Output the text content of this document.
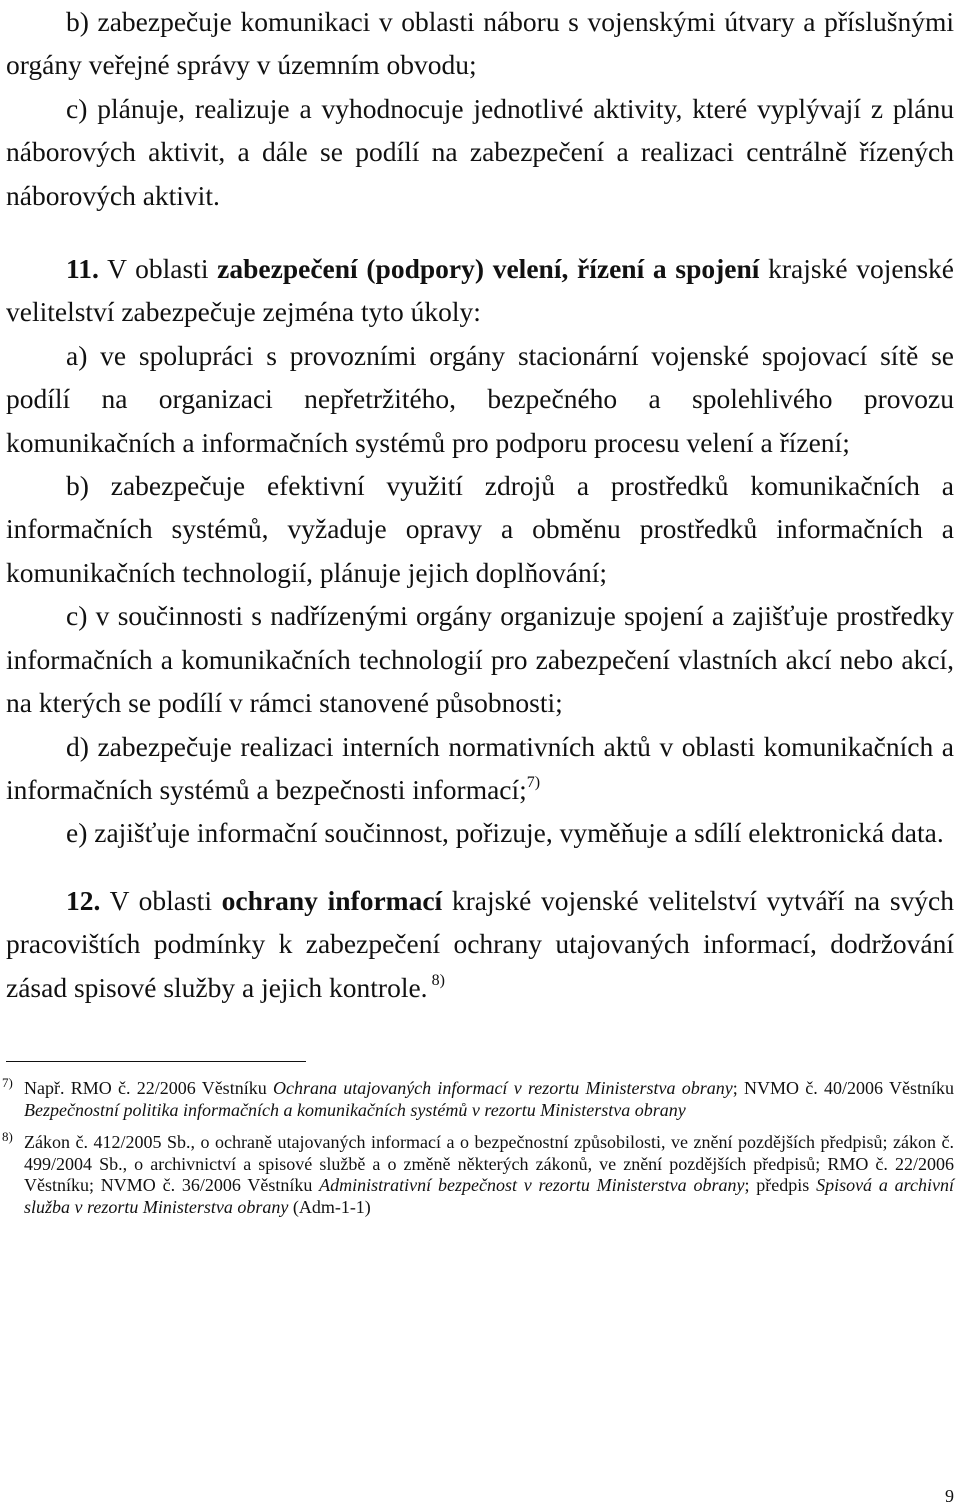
b) zabezpečuje komunikaci v oblasti náboru s vojenskými útvary a příslušnými orgány veřejné správy v územním obvodu;

c) plánuje, realizuje a vyhodnocuje jednotlivé aktivity, které vyplývají z plánu náborových aktivit, a dále se podílí na zabezpečení a realizaci centrálně řízených náborových aktivit.

11. V oblasti zabezpečení (podpory) velení, řízení a spojení krajské vojenské velitelství zabezpečuje zejména tyto úkoly:

a) ve spolupráci s provozními orgány stacionární vojenské spojovací sítě se podílí na organizaci nepřetržitého, bezpečného a spolehlivého provozu komunikačních a informačních systémů pro podporu procesu velení a řízení;

b) zabezpečuje efektivní využití zdrojů a prostředků komunikačních a informačních systémů, vyžaduje opravy a obměnu prostředků informačních a komunikačních technologií, plánuje jejich doplňování;

c) v součinnosti s nadřízenými orgány organizuje spojení a zajišťuje prostředky informačních a komunikačních technologií pro zabezpečení vlastních akcí nebo akcí, na kterých se podílí v rámci stanovené působnosti;

d) zabezpečuje realizaci interních normativních aktů v oblasti komunikačních a informačních systémů a bezpečnosti informací;$^{7)}$

e) zajišťuje informační součinnost, pořizuje, vyměňuje a sdílí elektronická data.

12. V oblasti ochrany informací krajské vojenské velitelství vytváří na svých pracovištích podmínky k zabezpečení ochrany utajovaných informací, dodržování zásad spisové služby a jejich kontrole. $^{8)}$

7) Např. RMO č. 22/2006 Věstníku Ochrana utajovaných informací v rezortu Ministerstva obrany; NVMO č. 40/2006 Věstníku Bezpečnostní politika informačních a komunikačních systémů v rezortu Ministerstva obrany

8) Zákon č. 412/2005 Sb., o ochraně utajovaných informací a o bezpečnostní způsobilosti, ve znění pozdějších předpisů; zákon č. 499/2004 Sb., o archivnictví a spisové službě a o změně některých zákonů, ve znění pozdějších předpisů; RMO č. 22/2006 Věstníku; NVMO č. 36/2006 Věstníku Administrativní bezpečnost v rezortu Ministerstva obrany; předpis Spisová a archivní služba v rezortu Ministerstva obrany (Adm-1-1)

9
